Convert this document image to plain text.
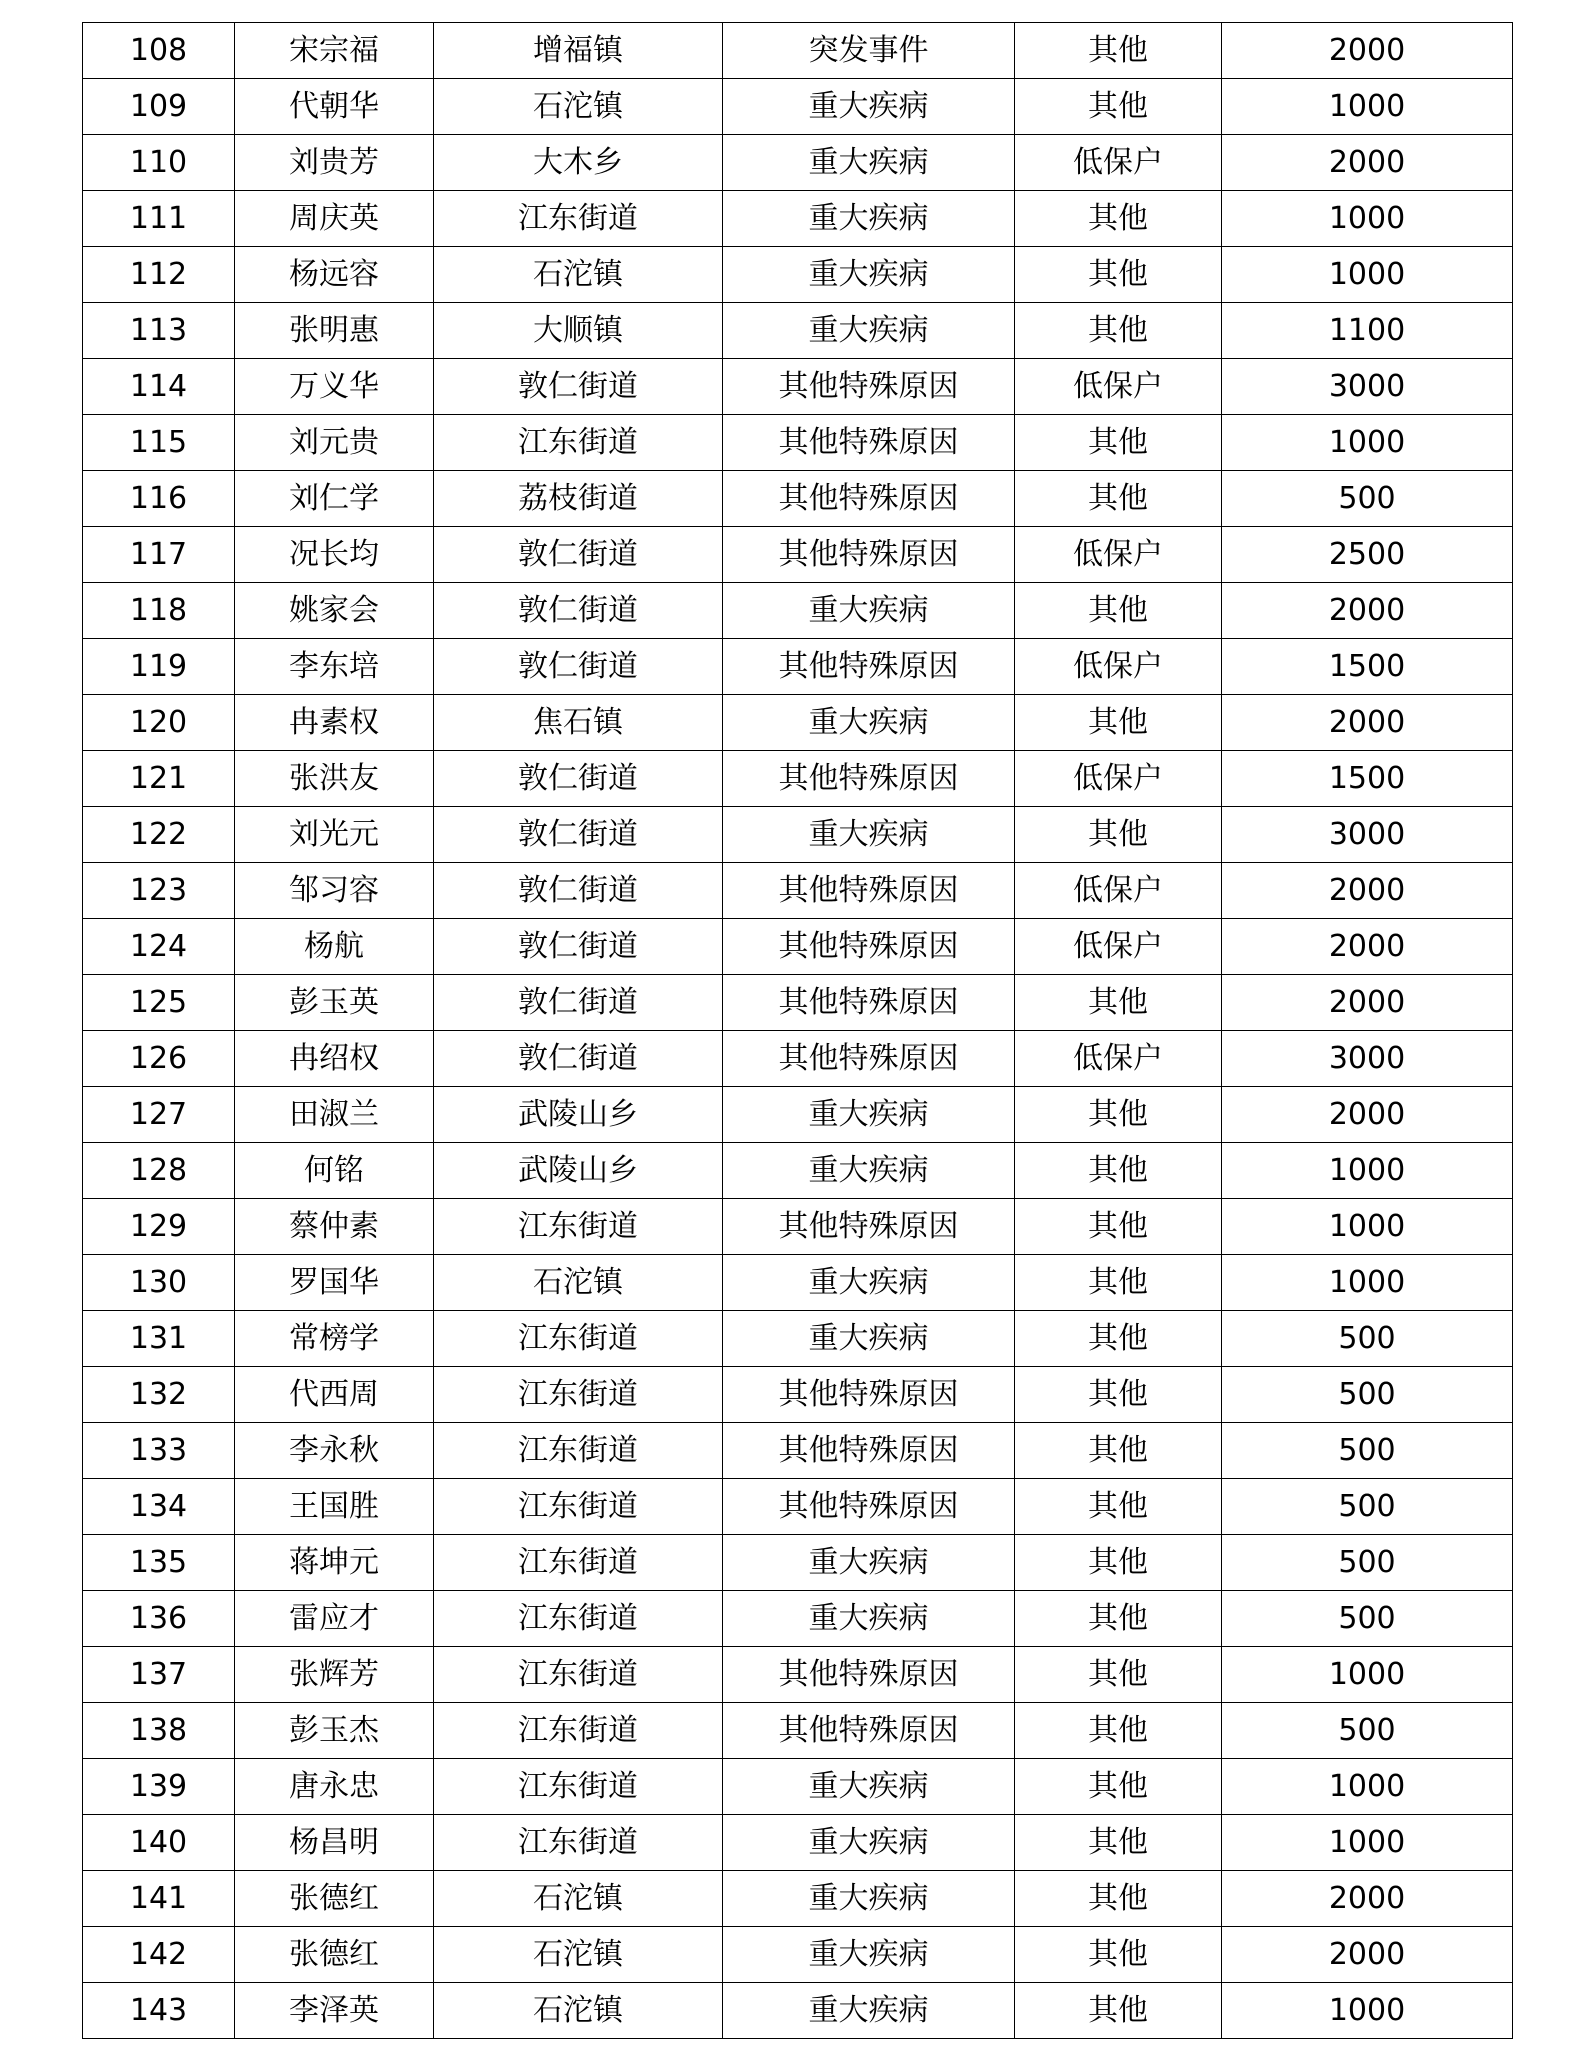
108	宋宗福	增福镇	突发事件	其他	2000
109	代朝华	石沱镇	重大疾病	其他	1000
110	刘贵芳	大木乡	重大疾病	低保户	2000
111	周庆英	江东街道	重大疾病	其他	1000
112	杨远容	石沱镇	重大疾病	其他	1000
113	张明惠	大顺镇	重大疾病	其他	1100
114	万义华	敦仁街道	其他特殊原因	低保户	3000
115	刘元贵	江东街道	其他特殊原因	其他	1000
116	刘仁学	荔枝街道	其他特殊原因	其他	500
117	况长均	敦仁街道	其他特殊原因	低保户	2500
118	姚家会	敦仁街道	重大疾病	其他	2000
119	李东培	敦仁街道	其他特殊原因	低保户	1500
120	冉素权	焦石镇	重大疾病	其他	2000
121	张洪友	敦仁街道	其他特殊原因	低保户	1500
122	刘光元	敦仁街道	重大疾病	其他	3000
123	邹习容	敦仁街道	其他特殊原因	低保户	2000
124	杨航	敦仁街道	其他特殊原因	低保户	2000
125	彭玉英	敦仁街道	其他特殊原因	其他	2000
126	冉绍权	敦仁街道	其他特殊原因	低保户	3000
127	田淑兰	武陵山乡	重大疾病	其他	2000
128	何铭	武陵山乡	重大疾病	其他	1000
129	蔡仲素	江东街道	其他特殊原因	其他	1000
130	罗国华	石沱镇	重大疾病	其他	1000
131	常榜学	江东街道	重大疾病	其他	500
132	代西周	江东街道	其他特殊原因	其他	500
133	李永秋	江东街道	其他特殊原因	其他	500
134	王国胜	江东街道	其他特殊原因	其他	500
135	蒋坤元	江东街道	重大疾病	其他	500
136	雷应才	江东街道	重大疾病	其他	500
137	张辉芳	江东街道	其他特殊原因	其他	1000
138	彭玉杰	江东街道	其他特殊原因	其他	500
139	唐永忠	江东街道	重大疾病	其他	1000
140	杨昌明	江东街道	重大疾病	其他	1000
141	张德红	石沱镇	重大疾病	其他	2000
142	张德红	石沱镇	重大疾病	其他	2000
143	李泽英	石沱镇	重大疾病	其他	1000
